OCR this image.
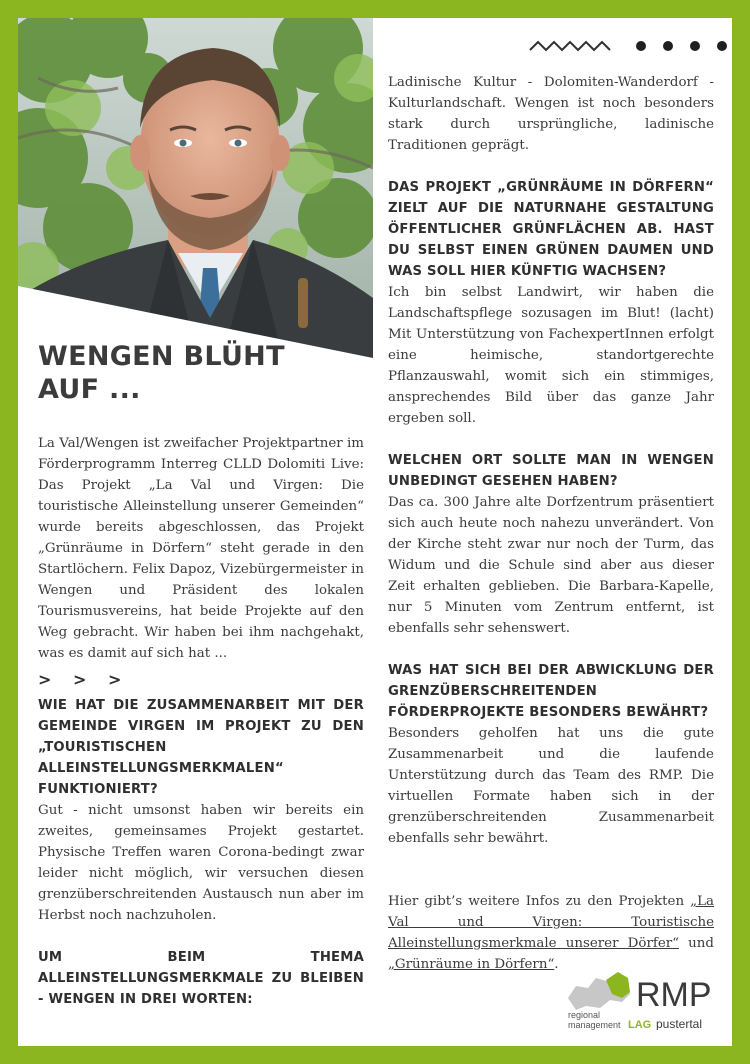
WENGEN BLÜHT
AUF ...

La Val/Wengen ist zweifacher Projektpartner im Förderprogramm Interreg CLLD Dolomiti Live: Das Projekt „La Val und Virgen: Die touristische Alleinstellung unserer Gemeinden“ wurde bereits abgeschlossen, das Projekt „Grünräume in Dörfern“ steht gerade in den Startlöchern. Felix Dapoz, Vizebürgermeister in Wengen und Präsident des lokalen Tourismusvereins, hat beide Projekte auf den Weg gebracht. Wir haben bei ihm nachgehakt, was es damit auf sich hat ...

> > >

WIE HAT DIE ZUSAMMENARBEIT MIT DER GEMEINDE VIRGEN IM PROJEKT ZU DEN „TOURISTISCHEN ALLEINSTELLUNGSMERKMALEN“ FUNKTIONIERT?

Gut - nicht umsonst haben wir bereits ein zweites, gemeinsames Projekt gestartet. Physische Treffen waren Corona-bedingt zwar leider nicht möglich, wir versuchen diesen grenzüberschreitenden Austausch nun aber im Herbst noch nachzuholen.

UM BEIM THEMA ALLEINSTELLUNGSMERKMALE ZU BLEIBEN - WENGEN IN DREI WORTEN:

Ladinische Kultur - Dolomiten-Wanderdorf - Kulturlandschaft. Wengen ist noch besonders stark durch ursprüngliche, ladinische Traditionen geprägt.

DAS PROJEKT „GRÜNRÄUME IN DÖRFERN“ ZIELT AUF DIE NATURNAHE GESTALTUNG ÖFFENTLICHER GRÜNFLÄCHEN AB. HAST DU SELBST EINEN GRÜNEN DAUMEN UND WAS SOLL HIER KÜNFTIG WACHSEN?

Ich bin selbst Landwirt, wir haben die Landschaftspflege sozusagen im Blut! (lacht) Mit Unterstützung von FachexpertInnen erfolgt eine heimische, standortgerechte Pflanzauswahl, womit sich ein stimmiges, ansprechendes Bild über das ganze Jahr ergeben soll.

WELCHEN ORT SOLLTE MAN IN WENGEN UNBEDINGT GESEHEN HABEN?

Das ca. 300 Jahre alte Dorfzentrum präsentiert sich auch heute noch nahezu unverändert. Von der Kirche steht zwar nur noch der Turm, das Widum und die Schule sind aber aus dieser Zeit erhalten geblieben. Die Barbara-Kapelle, nur 5 Minuten vom Zentrum entfernt, ist ebenfalls sehr sehenswert.

WAS HAT SICH BEI DER ABWICKLUNG DER GRENZÜBERSCHREITENDEN FÖRDERPROJEKTE BESONDERS BEWÄHRT?

Besonders geholfen hat uns die gute Zusammenarbeit und die laufende Unterstützung durch das Team des RMP. Die virtuellen Formate haben sich in der grenzüberschreitenden Zusammenarbeit ebenfalls sehr bewährt.

Hier gibt’s weitere Infos zu den Projekten „La Val und Virgen: Touristische Alleinstellungsmerkmale unserer Dörfer“ und „Grünräume in Dörfern“.

RMP
regional
management LAG pustertal
